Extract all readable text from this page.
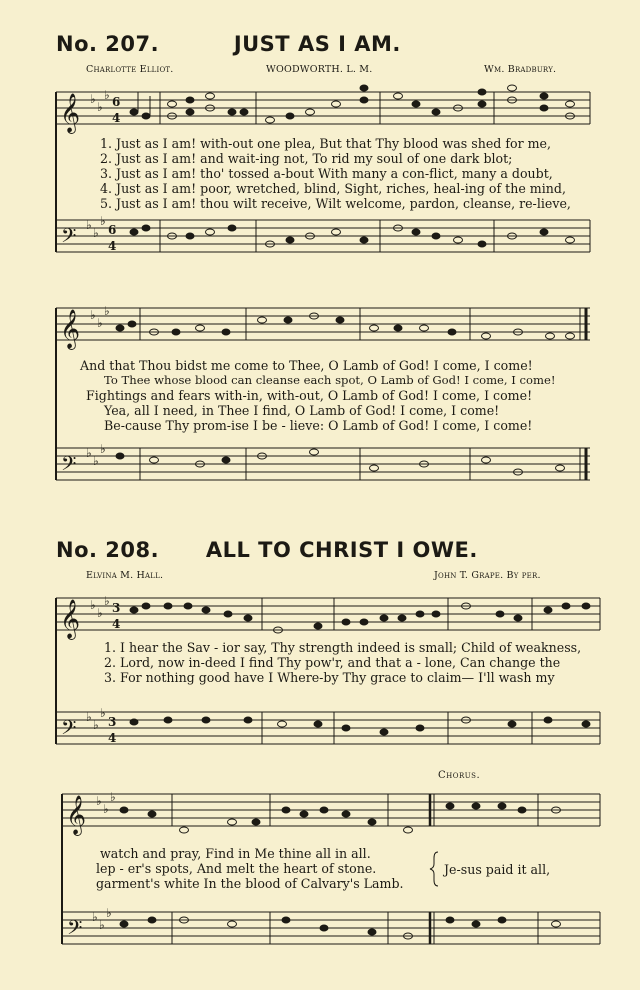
No. 207.	JUST AS I AM.
Charlotte Elliot.	WOODWORTH. L. M.	Wm. Bradbury.
𝄞
𝄢
♭
♭
♭
♭
♭
♭
6
4
6
4
1. Just as I am! with-out one plea, But that Thy blood was shed for me,
2. Just as I am! and wait-ing not, To rid my soul of one dark blot;
3. Just as I am! tho' tossed a-bout With many a con-flict, many a doubt,
4. Just as I am! poor, wretched, blind, Sight, riches, heal-ing of the mind,
5. Just as I am! thou wilt receive, Wilt welcome, pardon, cleanse, re-lieve,
𝄞
𝄢
♭
♭
♭
♭
♭
♭
And that Thou bidst me come to Thee, O Lamb of God! I come, I come!
To Thee whose blood can cleanse each spot, O Lamb of God! I come, I come!
Fightings and fears with-in, with-out, O Lamb of God! I come, I come!
Yea, all I need, in Thee I find, O Lamb of God! I come, I come!
Be-cause Thy prom-ise I be - lieve: O Lamb of God! I come, I come!
No. 208. ALL TO CHRIST I OWE.
Elvina M. Hall.	John T. Grape. By per.
𝄞
𝄢
♭
♭
♭
♭
♭
♭
3
4
3
4
1. I hear the Sav - ior say, Thy strength indeed is small; Child of weakness,
2. Lord, now in-deed I find Thy pow'r, and that a - lone, Can change the
3. For nothing good have I Where-by Thy grace to claim— I'll wash my
Chorus.
𝄞
𝄢
♭
♭
♭
♭
♭
♭
watch and pray, Find in Me thine all in all.
lep - er's spots, And melt the heart of stone.
garment's white In the blood of Calvary's Lamb.
Je-sus paid it all,
